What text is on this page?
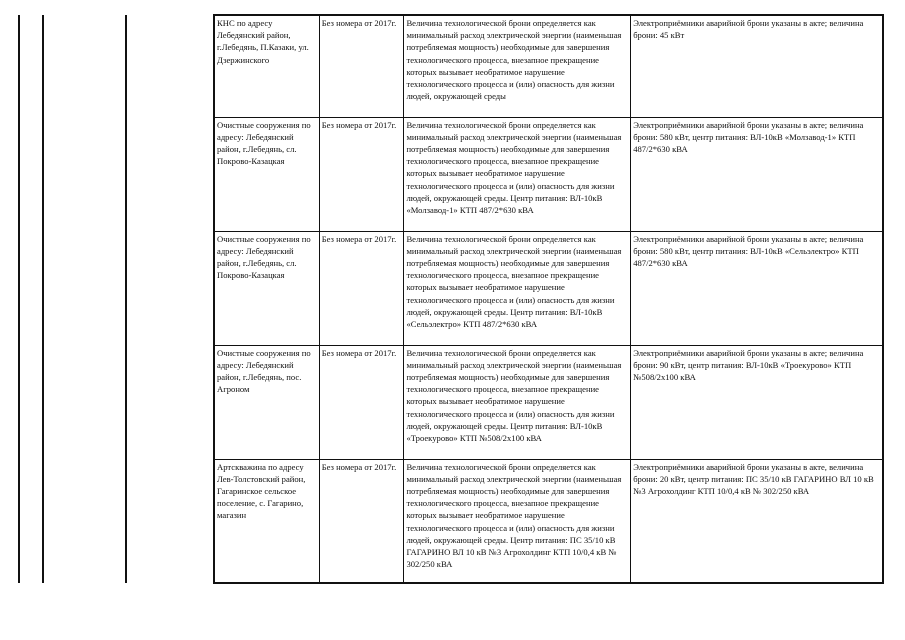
КНС по адресу Лебедянский район, г.Лебедянь, П.Казаки, ул. Дзержинского	Без номера от 2017г.	Величина технологической брони определяется как минимальный расход электрической энергии (наименьшая потребляемая мощность) необходимые для завершения технологического процесса, внезапное прекращение которых вызывает необратимое нарушение технологического процесса и (или) опасность для жизни людей, окружающей среды	Электроприёмники аварийной брони указаны в акте; величина брони: 45 кВт
Очистные сооружения по адресу: Лебедянский район, г.Лебедянь, сл. Покрово-Казацкая	Без номера от 2017г.	Величина технологической брони определяется как минимальный расход электрической энергии (наименьшая потребляемая мощность) необходимые для завершения технологического процесса, внезапное прекращение которых вызывает необратимое нарушение технологического процесса и (или) опасность для жизни людей, окружающей среды. Центр питания: ВЛ-10кВ «Молзавод-1» КТП 487/2*630 кВА	Электроприёмники аварийной брони указаны в акте; величина брони: 580 кВт, центр питания: ВЛ-10кВ «Молзавод-1» КТП 487/2*630 кВА
Очистные сооружения по адресу: Лебедянский район, г.Лебедянь, сл. Покрово-Казацкая	Без номера от 2017г.	Величина технологической брони определяется как минимальный расход электрической энергии (наименьшая потребляемая мощность) необходимые для завершения технологического процесса, внезапное прекращение которых вызывает необратимое нарушение технологического процесса и (или) опасность для жизни людей, окружающей среды. Центр питания: ВЛ-10кВ «Сельэлектро» КТП 487/2*630 кВА	Электроприёмники аварийной брони указаны в акте; величина брони: 580 кВт, центр питания: ВЛ-10кВ «Сельэлектро» КТП 487/2*630 кВА
Очистные сооружения по адресу: Лебедянский район, г.Лебедянь, пос. Агроном	Без номера от 2017г.	Величина технологической брони определяется как минимальный расход электрической энергии (наименьшая потребляемая мощность) необходимые для завершения технологического процесса, внезапное прекращение которых вызывает необратимое нарушение технологического процесса и (или) опасность для жизни людей, окружающей среды. Центр питания: ВЛ-10кВ «Троекурово» КТП №508/2х100 кВА	Электроприёмники аварийной брони указаны в акте; величина брони: 90 кВт, центр питания: ВЛ-10кВ «Троекурово» КТП №508/2х100 кВА
Артскважина по адресу Лев-Толстовский район, Гагаринское сельское поселение, с. Гагарино, магазин	Без номера от 2017г.	Величина технологической брони определяется как минимальный расход электрической энергии (наименьшая потребляемая мощность) необходимые для завершения технологического процесса, внезапное прекращение которых вызывает необратимое нарушение технологического процесса и (или) опасность для жизни людей, окружающей среды. Центр питания: ПС 35/10 кВ ГАГАРИНО ВЛ 10 кВ №3 Агрохолдинг КТП 10/0,4 кВ № 302/250 кВА	Электроприёмники аварийной брони указаны в акте, величина брони: 20 кВт, центр питания: ПС 35/10 кВ ГАГАРИНО ВЛ 10 кВ №3 Агрохолдинг КТП 10/0,4 кВ № 302/250 кВА
